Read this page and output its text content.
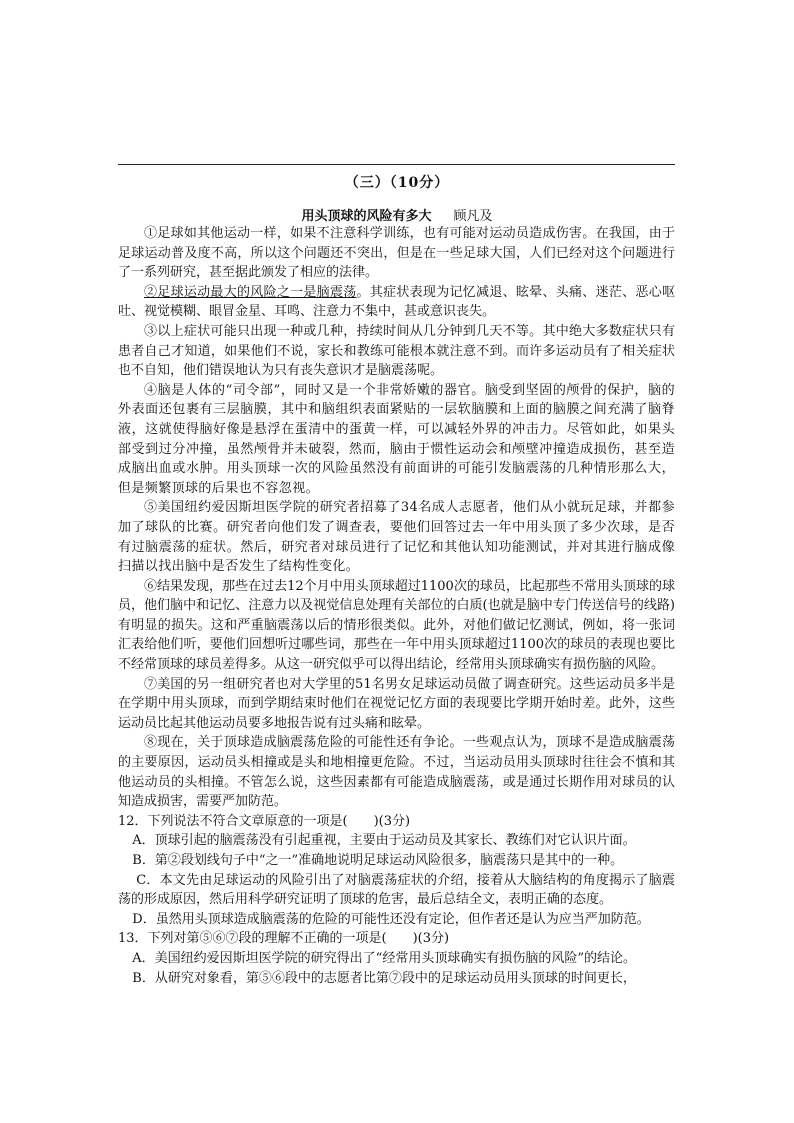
（三）（10分）
用头顶球的风险有多大 顾凡及

①足球如其他运动一样，如果不注意科学训练，也有可能对运动员造成伤害。在我国，由于足球运动普及度不高，所以这个问题还不突出，但是在一些足球大国，人们已经对这个问题进行了一系列研究，甚至据此颁发了相应的法律。

②足球运动最大的风险之一是脑震荡。其症状表现为记忆减退、眩晕、头痛、迷茫、恶心呕吐、视觉模糊、眼冒金星、耳鸣、注意力不集中，甚或意识丧失。

③以上症状可能只出现一种或几种，持续时间从几分钟到几天不等。其中绝大多数症状只有患者自己才知道，如果他们不说，家长和教练可能根本就注意不到。而许多运动员有了相关症状也不自知，他们错误地认为只有丧失意识才是脑震荡呢。

④脑是人体的“司令部”，同时又是一个非常娇嫩的器官。脑受到坚固的颅骨的保护，脑的外表面还包裹有三层脑膜，其中和脑组织表面紧贴的一层软脑膜和上面的脑膜之间充满了脑脊液，这就使得脑好像是悬浮在蛋清中的蛋黄一样，可以减轻外界的冲击力。尽管如此，如果头部受到过分冲撞，虽然颅骨并未破裂，然而，脑由于惯性运动会和颅壁冲撞造成损伤，甚至造成脑出血或水肿。用头顶球一次的风险虽然没有前面讲的可能引发脑震荡的几种情形那么大，但是频繁顶球的后果也不容忽视。

⑤美国纽约爱因斯坦医学院的研究者招募了34名成人志愿者，他们从小就玩足球，并都参加了球队的比赛。研究者向他们发了调查表，要他们回答过去一年中用头顶了多少次球，是否有过脑震荡的症状。然后，研究者对球员进行了记忆和其他认知功能测试，并对其进行脑成像扫描以找出脑中是否发生了结构性变化。

⑥结果发现，那些在过去12个月中用头顶球超过1100次的球员，比起那些不常用头顶球的球员，他们脑中和记忆、注意力以及视觉信息处理有关部位的白质(也就是脑中专门传送信号的线路)有明显的损失。这和严重脑震荡以后的情形很类似。此外，对他们做记忆测试，例如，将一张词汇表给他们听，要他们回想听过哪些词，那些在一年中用头顶球超过1100次的球员的表现也要比不经常顶球的球员差得多。从这一研究似乎可以得出结论，经常用头顶球确实有损伤脑的风险。

⑦美国的另一组研究者也对大学里的51名男女足球运动员做了调查研究。这些运动员多半是在学期中用头顶球，而到学期结束时他们在视觉记忆方面的表现要比学期开始时差。此外，这些运动员比起其他运动员要多地报告说有过头痛和眩晕。

⑧现在，关于顶球造成脑震荡危险的可能性还有争论。一些观点认为，顶球不是造成脑震荡的主要原因，运动员头相撞或是头和地相撞更危险。不过，当运动员用头顶球时往往会不慎和其他运动员的头相撞。不管怎么说，这些因素都有可能造成脑震荡，或是通过长期作用对球员的认知造成损害，需要严加防范。

12．下列说法不符合文章原意的一项是(　　)(3分)

A．顶球引起的脑震荡没有引起重视，主要由于运动员及其家长、教练们对它认识片面。

B．第②段划线句子中“之一”准确地说明足球运动风险很多，脑震荡只是其中的一种。

C．本文先由足球运动的风险引出了对脑震荡症状的介绍，接着从大脑结构的角度揭示了脑震荡的形成原因，然后用科学研究证明了顶球的危害，最后总结全文，表明正确的态度。

D．虽然用头顶球造成脑震荡的危险的可能性还没有定论，但作者还是认为应当严加防范。

13．下列对第⑤⑥⑦段的理解不正确的一项是(　　)(3分)

A．美国纽约爱因斯坦医学院的研究得出了“经常用头顶球确实有损伤脑的风险”的结论。

B．从研究对象看，第⑤⑥段中的志愿者比第⑦段中的足球运动员用头顶球的时间更长，
